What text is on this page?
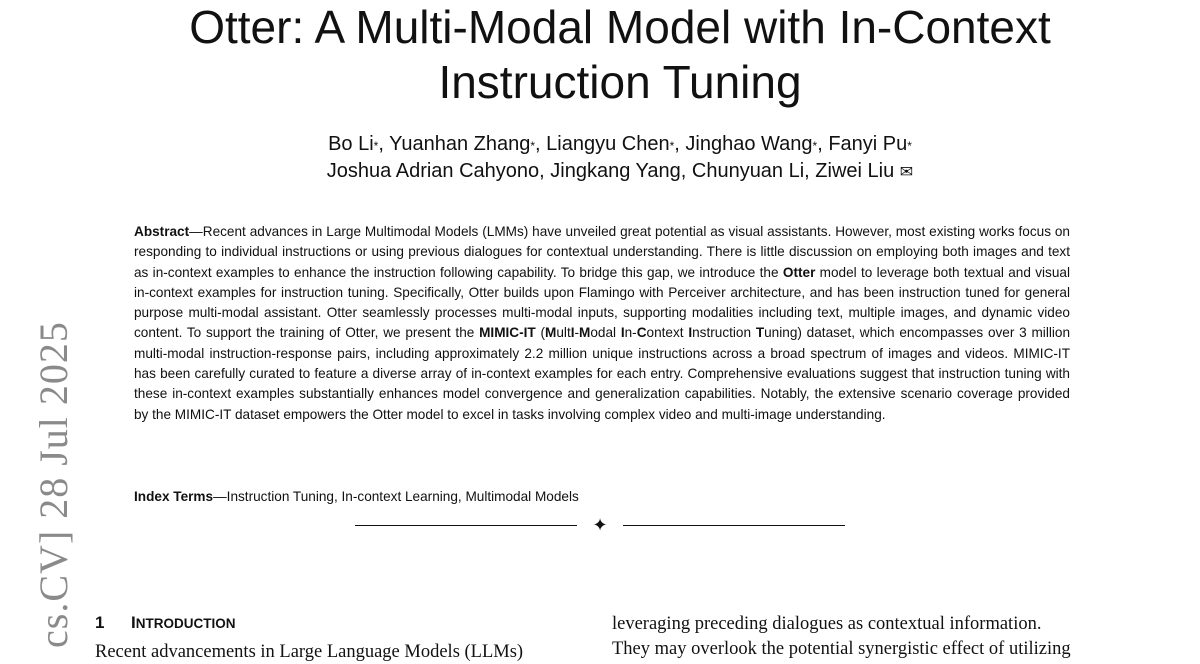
cs.CV] 28 Jul 2025
Otter: A Multi-Modal Model with In-Context Instruction Tuning
Bo Li*, Yuanhan Zhang*, Liangyu Chen*, Jinghao Wang*, Fanyi Pu*
Joshua Adrian Cahyono, Jingkang Yang, Chunyuan Li, Ziwei Liu ✉

Abstract—Recent advances in Large Multimodal Models (LMMs) have unveiled great potential as visual assistants. However, most existing works focus on responding to individual instructions or using previous dialogues for contextual understanding. There is little discussion on employing both images and text as in-context examples to enhance the instruction following capability. To bridge this gap, we introduce the Otter model to leverage both textual and visual in-context examples for instruction tuning. Specifically, Otter builds upon Flamingo with Perceiver architecture, and has been instruction tuned for general purpose multi-modal assistant. Otter seamlessly processes multi-modal inputs, supporting modalities including text, multiple images, and dynamic video content. To support the training of Otter, we present the MIMIC-IT (MultI-Modal In-Context Instruction Tuning) dataset, which encompasses over 3 million multi-modal instruction-response pairs, including approximately 2.2 million unique instructions across a broad spectrum of images and videos. MIMIC-IT has been carefully curated to feature a diverse array of in-context examples for each entry. Comprehensive evaluations suggest that instruction tuning with these in-context examples substantially enhances model convergence and generalization capabilities. Notably, the extensive scenario coverage provided by the MIMIC-IT dataset empowers the Otter model to excel in tasks involving complex video and multi-image understanding.

Index Terms—Instruction Tuning, In-context Learning, Multimodal Models

✦
1 INTRODUCTION

Recent advancements in Large Language Models (LLMs)

leveraging preceding dialogues as contextual information.
They may overlook the potential synergistic effect of utilizing
